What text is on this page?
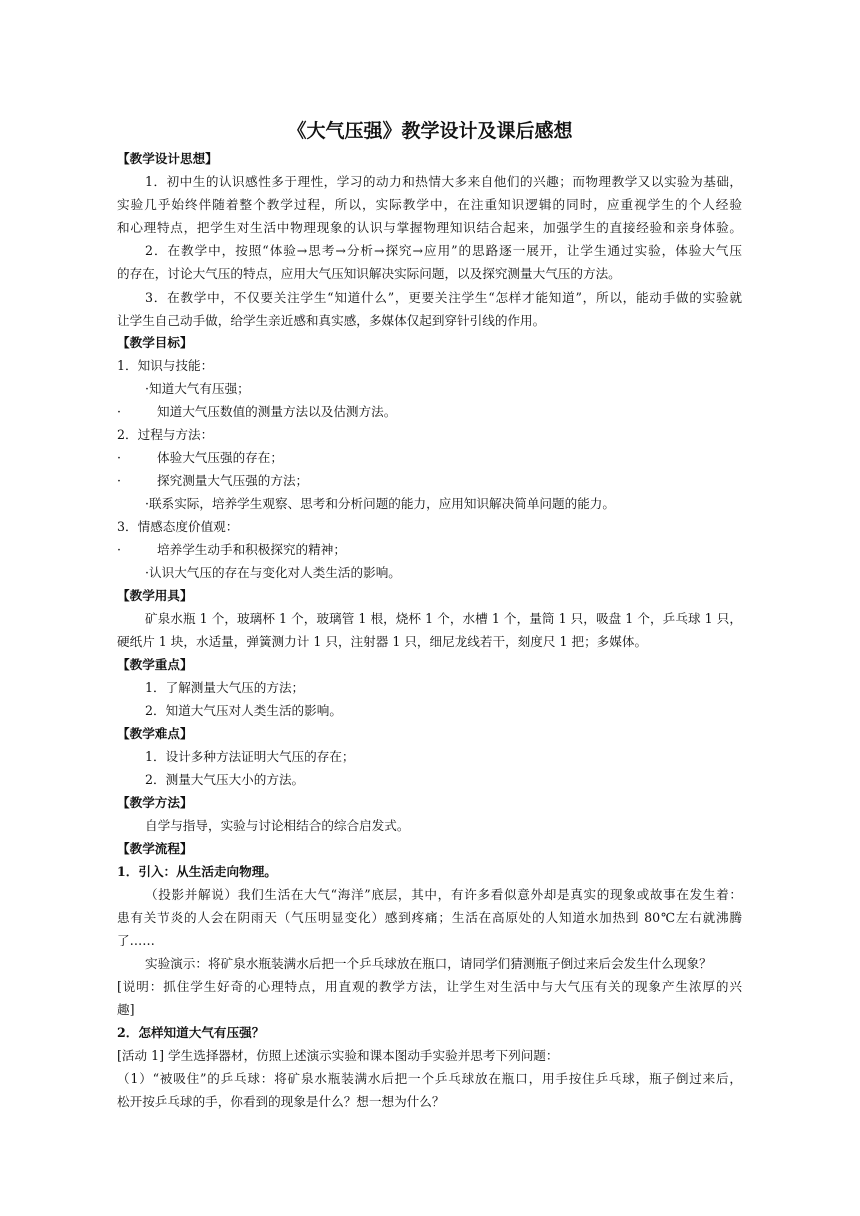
《大气压强》教学设计及课后感想
【教学设计思想】
1．初中生的认识感性多于理性，学习的动力和热情大多来自他们的兴趣；而物理教学又以实验为基础，
实验几乎始终伴随着整个教学过程，所以，实际教学中，在注重知识逻辑的同时，应重视学生的个人经验
和心理特点，把学生对生活中物理现象的认识与掌握物理知识结合起来，加强学生的直接经验和亲身体验。
2．在教学中，按照“体验→思考→分析→探究→应用”的思路逐一展开，让学生通过实验，体验大气压
的存在，讨论大气压的特点，应用大气压知识解决实际问题，以及探究测量大气压的方法。
3．在教学中，不仅要关注学生“知道什么”，更要关注学生“怎样才能知道”，所以，能动手做的实验就
让学生自己动手做，给学生亲近感和真实感，多媒体仅起到穿针引线的作用。
【教学目标】
1．知识与技能：
·知道大气有压强；
·	知道大气压数值的测量方法以及估测方法。
2．过程与方法：
·	体验大气压强的存在；
·	探究测量大气压强的方法；
·联系实际，培养学生观察、思考和分析问题的能力，应用知识解决简单问题的能力。
3．情感态度价值观：
·	培养学生动手和积极探究的精神；
·认识大气压的存在与变化对人类生活的影响。
【教学用具】
矿泉水瓶 1 个，玻璃杯 1 个，玻璃管 1 根，烧杯 1 个，水槽 1 个，量筒 1 只，吸盘 1 个，乒乓球 1 只，
硬纸片 1 块，水适量，弹簧测力计 1 只，注射器 1 只，细尼龙线若干，刻度尺 1 把；多媒体。
【教学重点】
1．了解测量大气压的方法；
2．知道大气压对人类生活的影响。
【教学难点】
1．设计多种方法证明大气压的存在；
2．测量大气压大小的方法。
【教学方法】
自学与指导，实验与讨论相结合的综合启发式。
【教学流程】
1．引入：从生活走向物理。
（投影并解说）我们生活在大气“海洋”底层，其中，有许多看似意外却是真实的现象或故事在发生着：
患有关节炎的人会在阴雨天（气压明显变化）感到疼痛；生活在高原处的人知道水加热到 80℃左右就沸腾
了……
实验演示：将矿泉水瓶装满水后把一个乒乓球放在瓶口，请同学们猜测瓶子倒过来后会发生什么现象？
[说明：抓住学生好奇的心理特点，用直观的教学方法，让学生对生活中与大气压有关的现象产生浓厚的兴
趣]
2．怎样知道大气有压强？
[活动 1] 学生选择器材，仿照上述演示实验和课本图动手实验并思考下列问题：
（1）“被吸住”的乒乓球：将矿泉水瓶装满水后把一个乒乓球放在瓶口，用手按住乒乓球，瓶子倒过来后，
松开按乒乓球的手，你看到的现象是什么？想一想为什么？
